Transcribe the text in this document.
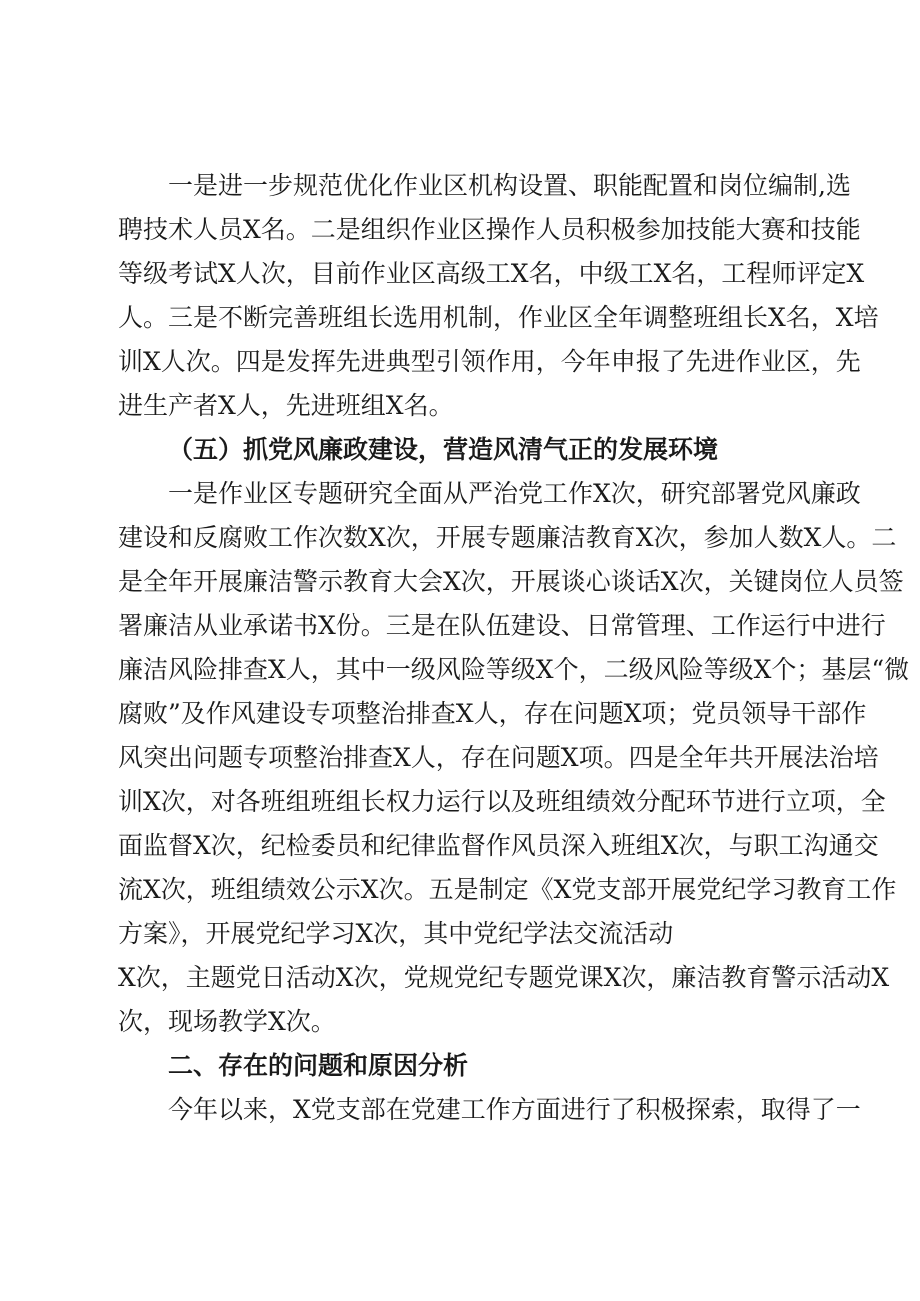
一是进一步规范优化作业区机构设置、职能配置和岗位编制,选
聘技术人员X名。二是组织作业区操作人员积极参加技能大赛和技能
等级考试X人次，目前作业区高级工X名，中级工X名，工程师评定X
人。三是不断完善班组长选用机制，作业区全年调整班组长X名，X培
训X人次。四是发挥先进典型引领作用，今年申报了先进作业区，先
进生产者X人，先进班组X名。
（五）抓党风廉政建设，营造风清气正的发展环境
一是作业区专题研究全面从严治党工作X次，研究部署党风廉政
建设和反腐败工作次数X次，开展专题廉洁教育X次，参加人数X人。二
是全年开展廉洁警示教育大会X次，开展谈心谈话X次，关键岗位人员签
署廉洁从业承诺书X份。三是在队伍建设、日常管理、工作运行中进行
廉洁风险排查X人，其中一级风险等级X个，二级风险等级X个；基层“微
腐败”及作风建设专项整治排查X人，存在问题X项；党员领导干部作
风突出问题专项整治排查X人，存在问题X项。四是全年共开展法治培
训X次，对各班组班组长权力运行以及班组绩效分配环节进行立项，全
面监督X次，纪检委员和纪律监督作风员深入班组X次，与职工沟通交
流X次，班组绩效公示X次。五是制定《X党支部开展党纪学习教育工作
方案》，开展党纪学习X次，其中党纪学法交流活动
X次，主题党日活动X次，党规党纪专题党课X次，廉洁教育警示活动X
次，现场教学X次。
二、存在的问题和原因分析
今年以来，X党支部在党建工作方面进行了积极探索，取得了一
